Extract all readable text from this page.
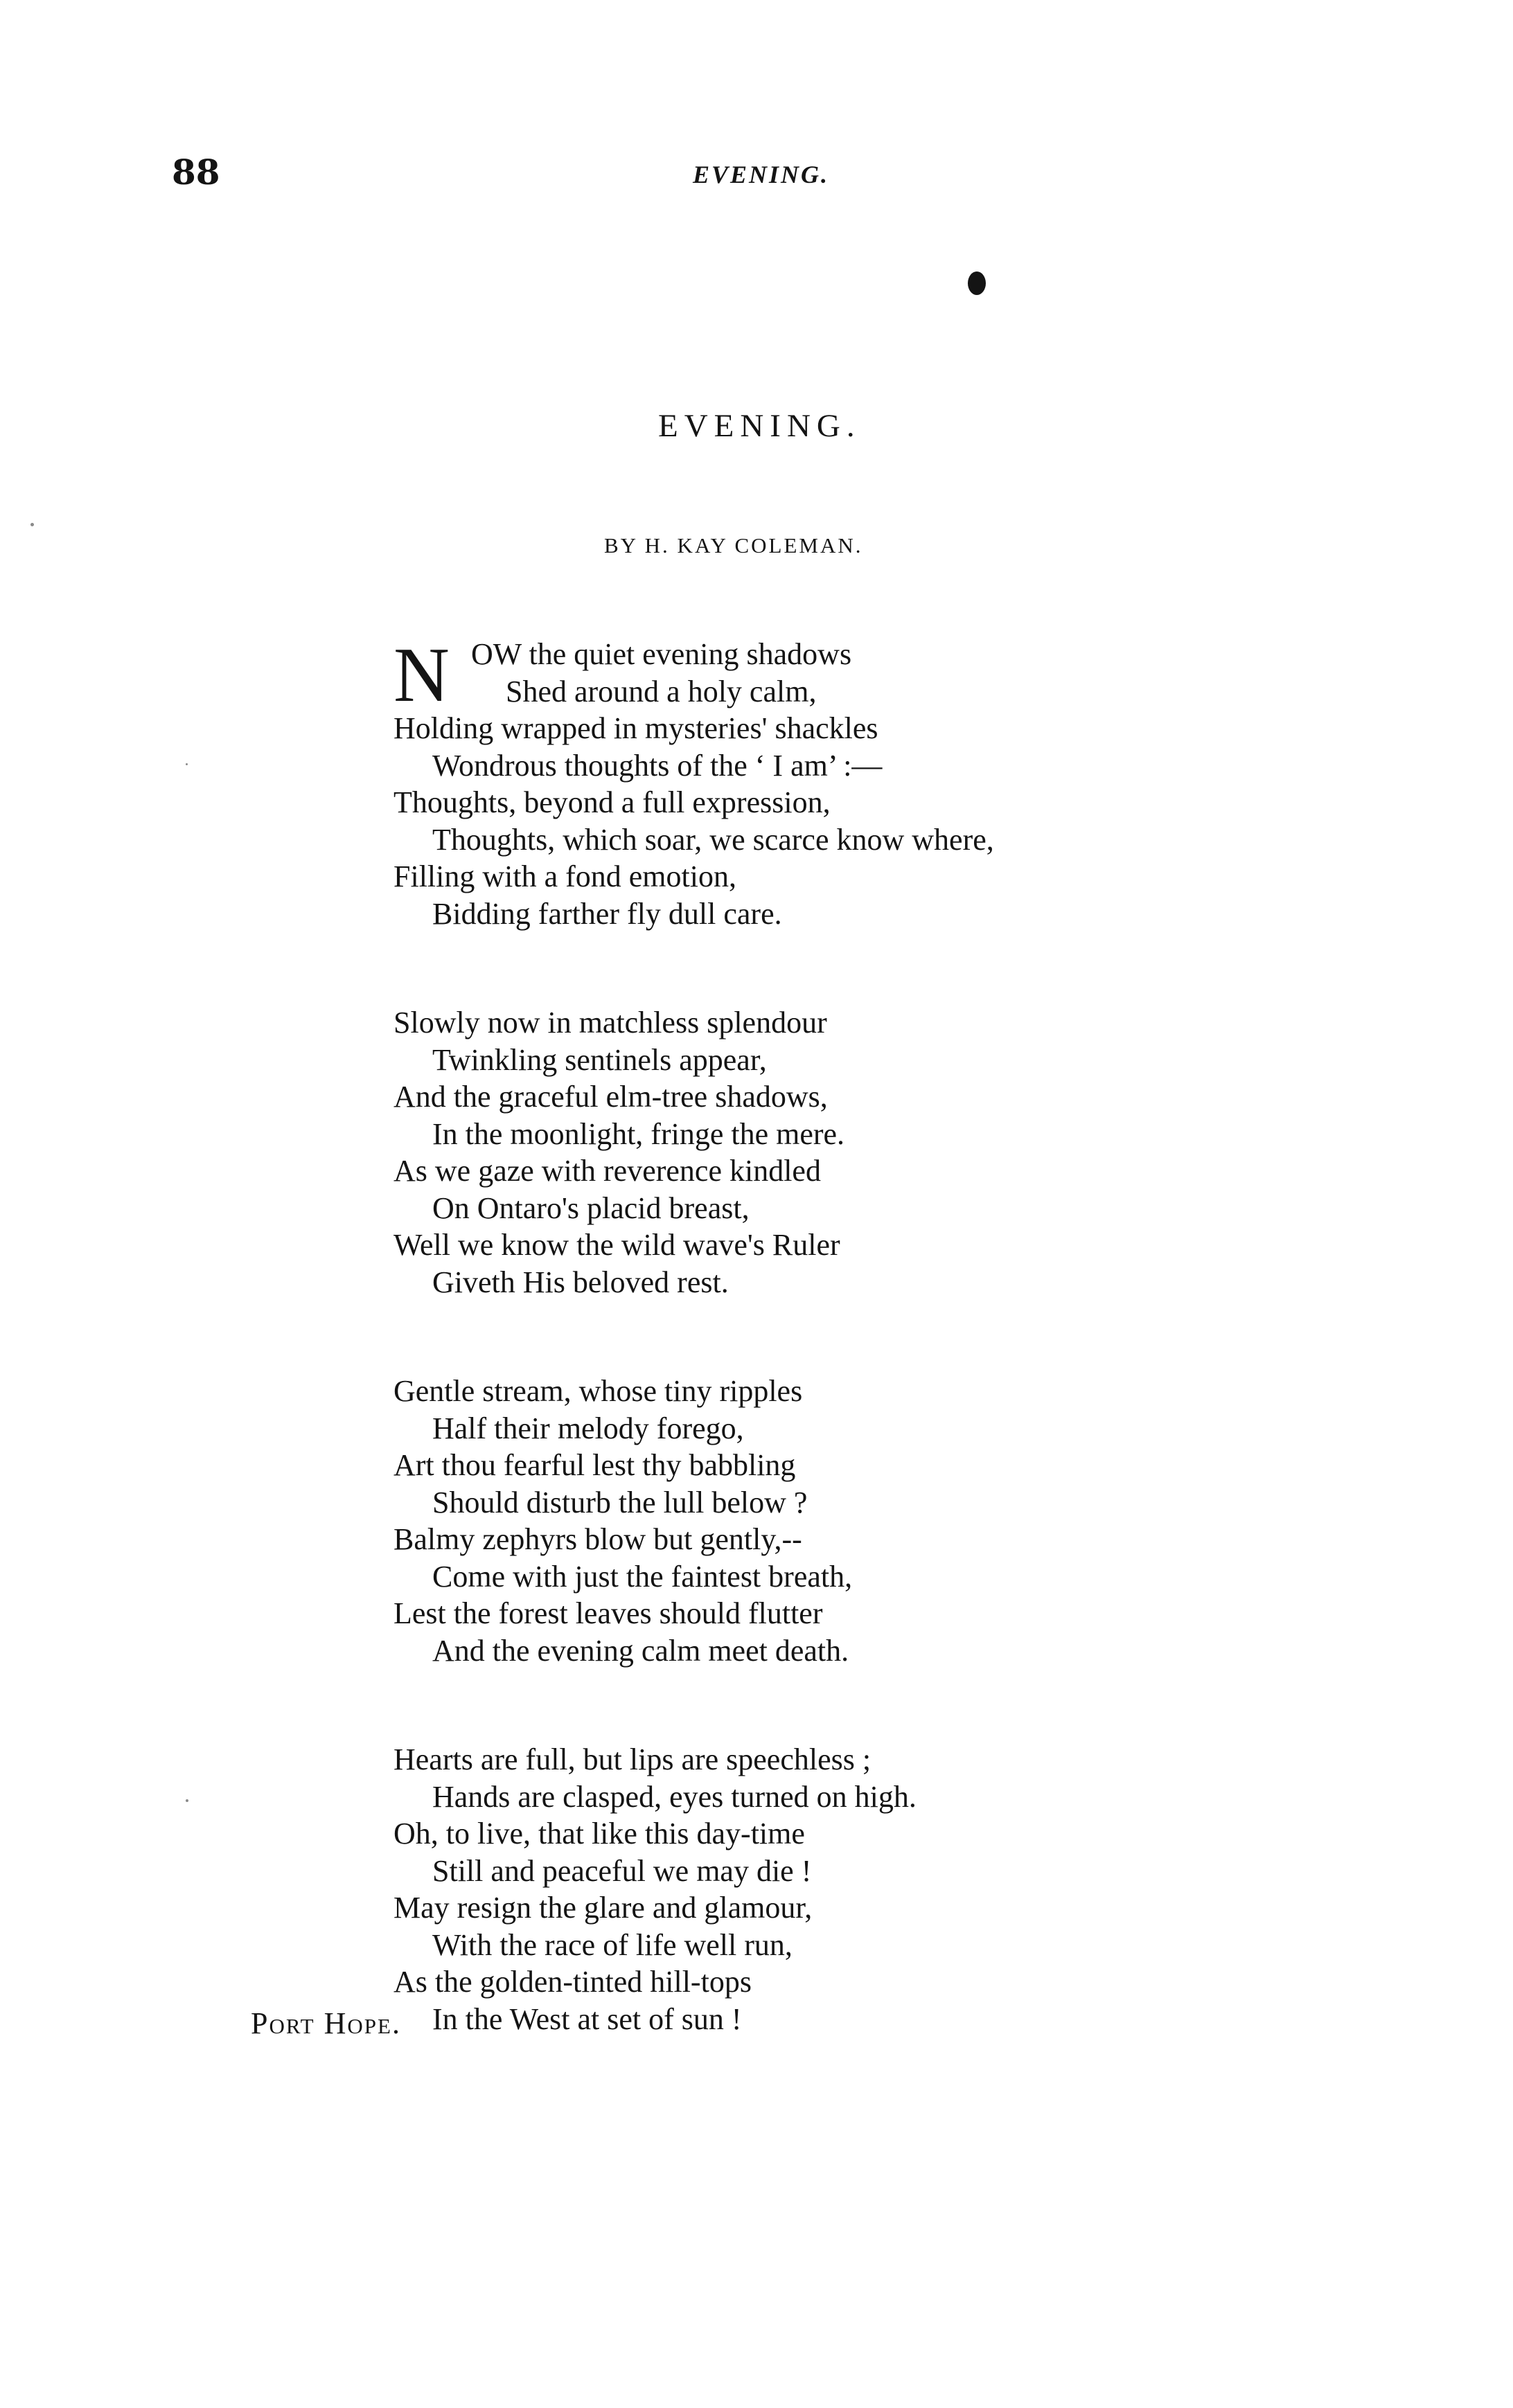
88	EVENING.
EVENING.
BY H. KAY COLEMAN.
N OW the quiet evening shadows
Shed around a holy calm,
Holding wrapped in mysteries' shackles
Wondrous thoughts of the ‘ I am’ :—
Thoughts, beyond a full expression,
Thoughts, which soar, we scarce know where,
Filling with a fond emotion,
Bidding farther fly dull care.
Slowly now in matchless splendour
Twinkling sentinels appear,
And the graceful elm-tree shadows,
In the moonlight, fringe the mere.
As we gaze with reverence kindled
On Ontaro's placid breast,
Well we know the wild wave's Ruler
Giveth His beloved rest.
Gentle stream, whose tiny ripples
Half their melody forego,
Art thou fearful lest thy babbling
Should disturb the lull below ?
Balmy zephyrs blow but gently,--
Come with just the faintest breath,
Lest the forest leaves should flutter
And the evening calm meet death.
Hearts are full, but lips are speechless ;
Hands are clasped, eyes turned on high.
Oh, to live, that like this day-time
Still and peaceful we may die !
May resign the glare and glamour,
With the race of life well run,
As the golden-tinted hill-tops
In the West at set of sun !
Port Hope.
